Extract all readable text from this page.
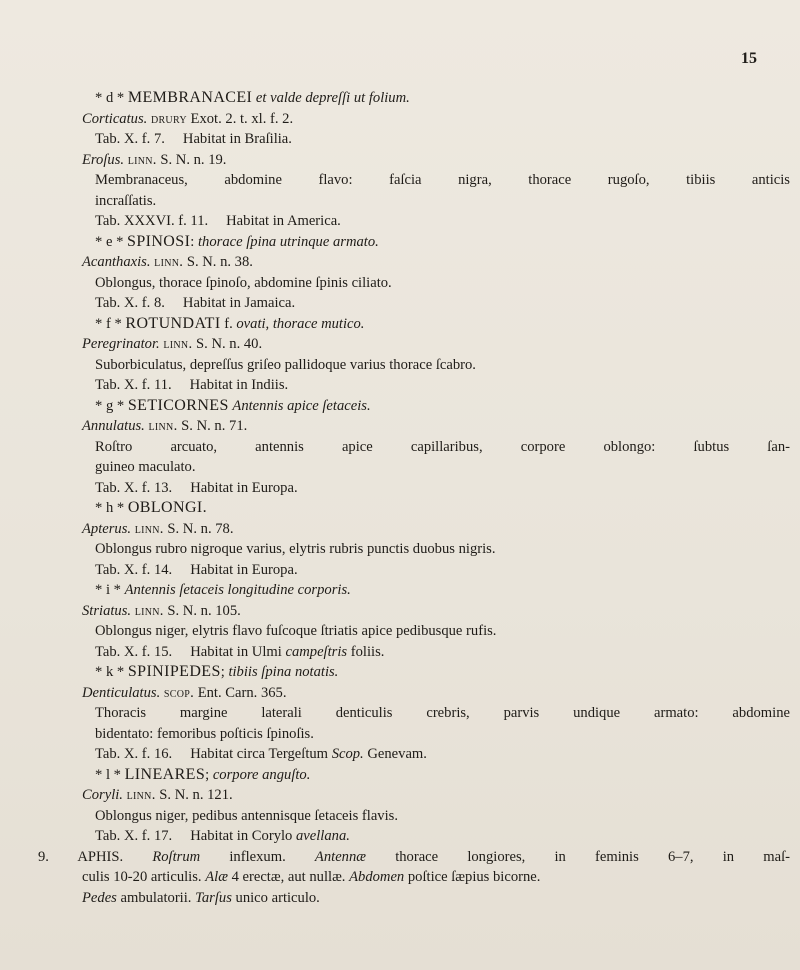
15
* d * MEMBRANACEI et valde depreſſi ut folium.
Corticatus. drury Exot. 2. t. xl. f. 2.
Tab. X. f. 7. Habitat in Braſilia.
Eroſus. linn. S. N. n. 19.
Membranaceus, abdomine flavo: faſcia nigra, thorace rugoſo, tibiis anticis
incraſſatis.
Tab. XXXVI. f. 11. Habitat in America.
* e * SPINOSI: thorace ſpina utrinque armato.
Acanthaxis. linn. S. N. n. 38.
Oblongus, thorace ſpinoſo, abdomine ſpinis ciliato.
Tab. X. f. 8. Habitat in Jamaica.
* f * ROTUNDATI f. ovati, thorace mutico.
Peregrinator. linn. S. N. n. 40.
Suborbiculatus, depreſſus griſeo pallidoque varius thorace ſcabro.
Tab. X. f. 11. Habitat in Indiis.
* g * SETICORNES Antennis apice ſetaceis.
Annulatus. linn. S. N. n. 71.
Roſtro arcuato, antennis apice capillaribus, corpore oblongo: ſubtus ſan-
guineo maculato.
Tab. X. f. 13. Habitat in Europa.
* h * OBLONGI.
Apterus. linn. S. N. n. 78.
Oblongus rubro nigroque varius, elytris rubris punctis duobus nigris.
Tab. X. f. 14. Habitat in Europa.
* i * Antennis ſetaceis longitudine corporis.
Striatus. linn. S. N. n. 105.
Oblongus niger, elytris flavo fuſcoque ſtriatis apice pedibusque rufis.
Tab. X. f. 15. Habitat in Ulmi campeſtris foliis.
* k * SPINIPEDES; tibiis ſpina notatis.
Denticulatus. scop. Ent. Carn. 365.
Thoracis margine laterali denticulis crebris, parvis undique armato: abdomine
bidentato: femoribus poſticis ſpinoſis.
Tab. X. f. 16. Habitat circa Tergeſtum Scop. Genevam.
* l * LINEARES; corpore anguſto.
Coryli. linn. S. N. n. 121.
Oblongus niger, pedibus antennisque ſetaceis flavis.
Tab. X. f. 17. Habitat in Corylo avellana.
9. APHIS. Roſtrum inflexum. Antennæ thorace longiores, in feminis 6–7, in maſ-
culis 10-20 articulis. Alæ 4 erectæ, aut nullæ. Abdomen poſtice ſæpius bicorne.
Pedes ambulatorii. Tarſus unico articulo.
